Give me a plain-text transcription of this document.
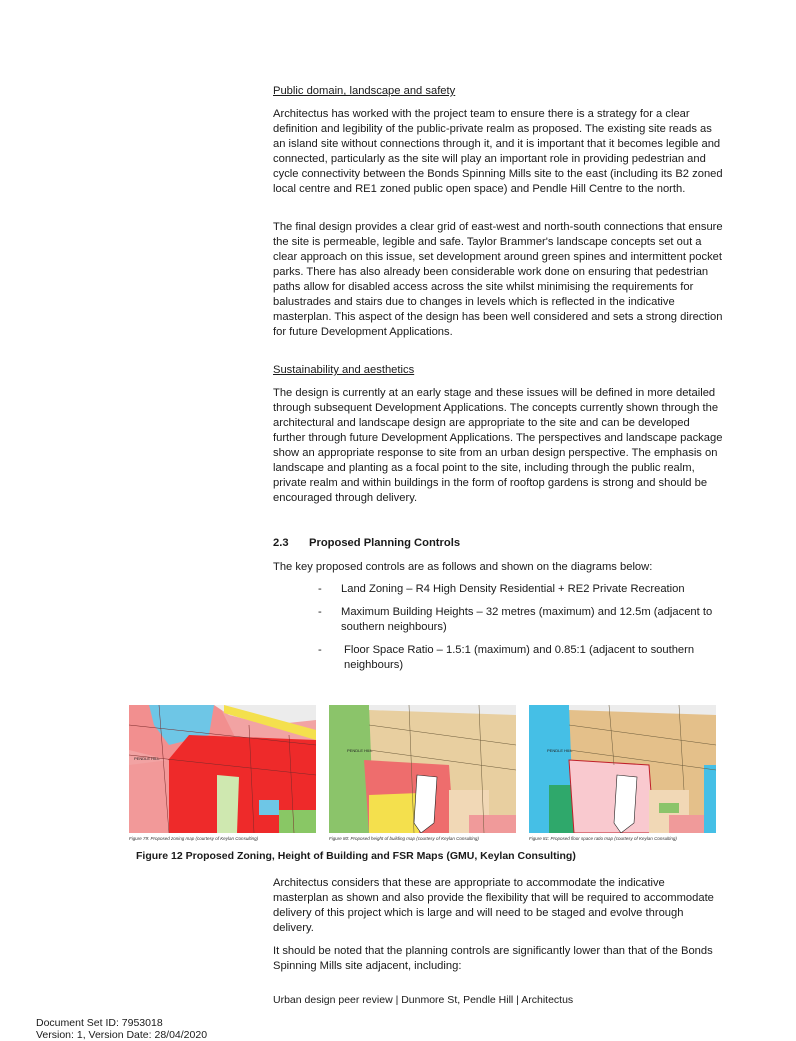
Public domain, landscape and safety

Architectus has worked with the project team to ensure there is a strategy for a clear definition and legibility of the public-private realm as proposed. The existing site reads as an island site without connections through it, and it is important that it becomes legible and connected, particularly as the site will play an important role in providing pedestrian and cycle connectivity between the Bonds Spinning Mills site to the east (including its B2 zoned local centre and RE1 zoned public open space) and Pendle Hill Centre to the north.
The final design provides a clear grid of east-west and north-south connections that ensure the site is permeable, legible and safe. Taylor Brammer's landscape concepts set out a clear approach on this issue, set development around green spines and intermittent pocket parks. There has also already been considerable work done on ensuring that pedestrian paths allow for disabled access across the site whilst minimising the requirements for balustrades and stairs due to changes in levels which is reflected in the indicative masterplan. This aspect of the design has been well considered and sets a strong direction for future Development Applications.

Sustainability and aesthetics

The design is currently at an early stage and these issues will be defined in more detailed through subsequent Development Applications. The concepts currently shown through the architectural and landscape design are appropriate to the site and can be developed further through future Development Applications. The perspectives and landscape package show an appropriate response to site from an urban design perspective. The emphasis on landscape and planting as a focal point to the site, including through the public realm, private realm and within buildings in the form of rooftop gardens is strong and should be encouraged through delivery.
2.3 Proposed Planning Controls
The key proposed controls are as follows and shown on the diagrams below:
- Land Zoning – R4 High Density Residential + RE2 Private Recreation
- Maximum Building Heights – 32 metres (maximum) and 12.5m (adjacent to southern neighbours)
- Floor Space Ratio – 1.5:1 (maximum) and 0.85:1 (adjacent to southern neighbours)
PENDLE HILL
Figure 79: Proposed zoning map (courtesy of Keylan Consulting)
PENDLE HILL
Figure 80: Proposed height of building map (courtesy of Keylan Consulting)
PENDLE HILL
Figure 81: Proposed floor space ratio map (courtesy of Keylan Consulting)
Figure 12 Proposed Zoning, Height of Building and FSR Maps (GMU, Keylan Consulting)
Architectus considers that these are appropriate to accommodate the indicative masterplan as shown and also provide the flexibility that will be required to accommodate delivery of this project which is large and will need to be staged and evolve through delivery.
It should be noted that the planning controls are significantly lower than that of the Bonds Spinning Mills site adjacent, including:
Urban design peer review | Dunmore St, Pendle Hill | Architectus
Document Set ID: 7953018
Version: 1, Version Date: 28/04/2020
